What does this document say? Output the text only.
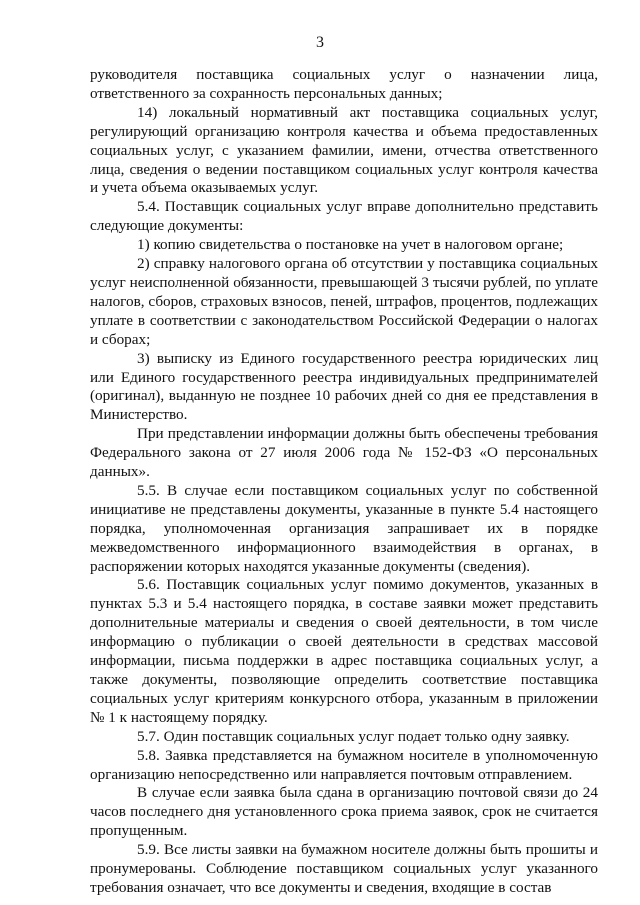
3

руководителя поставщика социальных услуг о назначении лица, ответственного за сохранность персональных данных;

14) локальный нормативный акт поставщика социальных услуг, регулирующий организацию контроля качества и объема предоставленных социальных услуг, с указанием фамилии, имени, отчества ответственного лица, сведения о ведении поставщиком социальных услуг контроля качества и учета объема оказываемых услуг.

5.4. Поставщик социальных услуг вправе дополнительно представить следующие документы:

1) копию свидетельства о постановке на учет в налоговом органе;

2) справку налогового органа об отсутствии у поставщика социальных услуг неисполненной обязанности, превышающей 3 тысячи рублей, по уплате налогов, сборов, страховых взносов, пеней, штрафов, процентов, подлежащих уплате в соответствии с законодательством Российской Федерации о налогах и сборах;

3) выписку из Единого государственного реестра юридических лиц или Единого государственного реестра индивидуальных предпринимателей (оригинал), выданную не позднее 10 рабочих дней со дня ее представления в Министерство.

При представлении информации должны быть обеспечены требования Федерального закона от 27 июля 2006 года № 152-ФЗ «О персональных данных».

5.5. В случае если поставщиком социальных услуг по собственной инициативе не представлены документы, указанные в пункте 5.4 настоящего порядка, уполномоченная организация запрашивает их в порядке межведомственного информационного взаимодействия в органах, в распоряжении которых находятся указанные документы (сведения).

5.6. Поставщик социальных услуг помимо документов, указанных в пунктах 5.3 и 5.4 настоящего порядка, в составе заявки может представить дополнительные материалы и сведения о своей деятельности, в том числе информацию о публикации о своей деятельности в средствах массовой информации, письма поддержки в адрес поставщика социальных услуг, а также документы, позволяющие определить соответствие поставщика социальных услуг критериям конкурсного отбора, указанным в приложении № 1 к настоящему порядку.

5.7. Один поставщик социальных услуг подает только одну заявку.

5.8. Заявка представляется на бумажном носителе в уполномоченную организацию непосредственно или направляется почтовым отправлением.

В случае если заявка была сдана в организацию почтовой связи до 24 часов последнего дня установленного срока приема заявок, срок не считается пропущенным.

5.9. Все листы заявки на бумажном носителе должны быть прошиты и пронумерованы. Соблюдение поставщиком социальных услуг указанного требования означает, что все документы и сведения, входящие в состав
